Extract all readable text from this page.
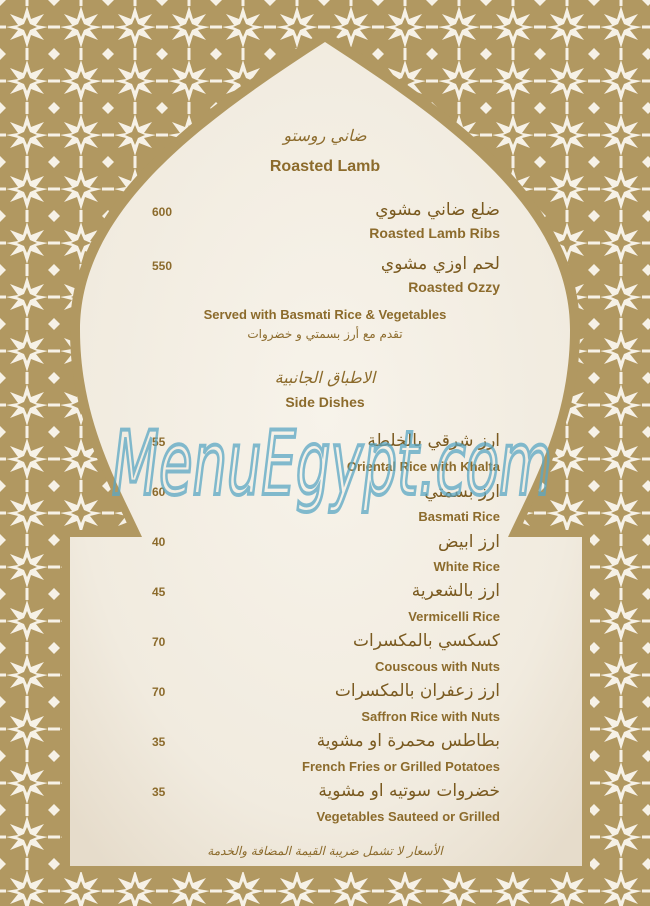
ضاني روستو
Roasted Lamb
600	ضلع ضاني مشوي
Roasted Lamb Ribs
550	لحم اوزي مشوي
Roasted Ozzy
Served with Basmati Rice & Vegetables
تقدم مع أرز بسمتي و خضروات
الاطباق الجانبية
Side Dishes
55	ارز شرقي بالخلطة
Oriental Rice with Khalta
60	ارز بسمتي
Basmati Rice
40	ارز ابيض
White Rice
45	ارز بالشعرية
Vermicelli Rice
70	كسكسي بالمكسرات
Couscous with Nuts
70	ارز زعفران بالمكسرات
Saffron Rice with Nuts
35	بطاطس محمرة او مشوية
French Fries or Grilled Potatoes
35	خضروات سوتيه او مشوية
Vegetables Sauteed or Grilled
الأسعار لا تشمل ضريبة القيمة المضافة والخدمة
MenuEgypt.com
